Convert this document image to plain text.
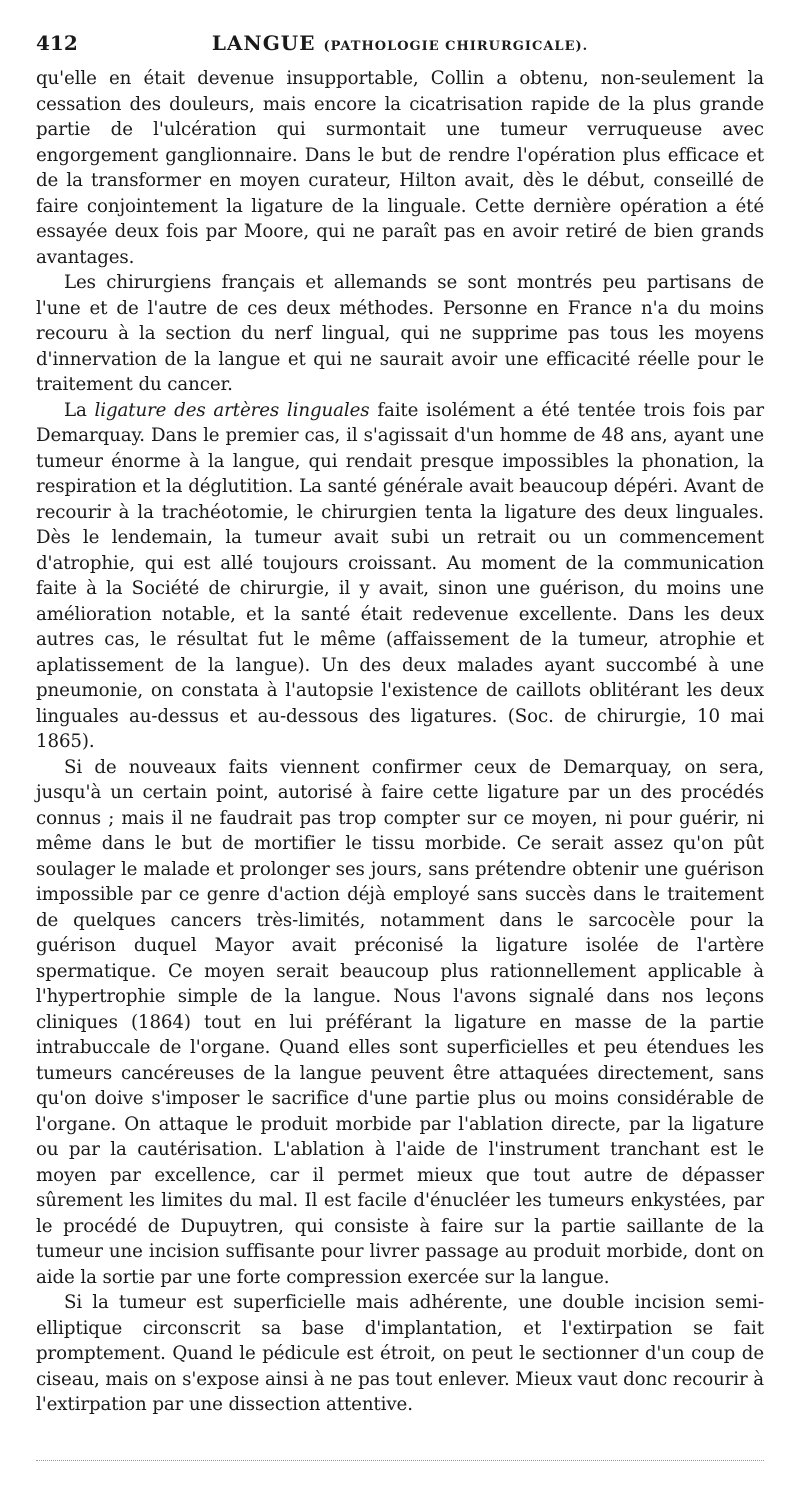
412	LANGUE (PATHOLOGIE CHIRURGICALE).

qu'elle en était devenue insupportable, Collin a obtenu, non-seulement la cessation des douleurs, mais encore la cicatrisation rapide de la plus grande partie de l'ulcération qui surmontait une tumeur verruqueuse avec engorgement ganglionnaire. Dans le but de rendre l'opération plus efficace et de la transformer en moyen curateur, Hilton avait, dès le début, conseillé de faire conjointement la ligature de la linguale. Cette dernière opération a été essayée deux fois par Moore, qui ne paraît pas en avoir retiré de bien grands avantages.

Les chirurgiens français et allemands se sont montrés peu partisans de l'une et de l'autre de ces deux méthodes. Personne en France n'a du moins recouru à la section du nerf lingual, qui ne supprime pas tous les moyens d'innervation de la langue et qui ne saurait avoir une efficacité réelle pour le traitement du cancer.

La ligature des artères linguales faite isolément a été tentée trois fois par Demarquay. Dans le premier cas, il s'agissait d'un homme de 48 ans, ayant une tumeur énorme à la langue, qui rendait presque impossibles la phonation, la respiration et la déglutition. La santé générale avait beaucoup dépéri. Avant de recourir à la trachéotomie, le chirurgien tenta la ligature des deux linguales. Dès le lendemain, la tumeur avait subi un retrait ou un commencement d'atrophie, qui est allé toujours croissant. Au moment de la communication faite à la Société de chirurgie, il y avait, sinon une guérison, du moins une amélioration notable, et la santé était redevenue excellente. Dans les deux autres cas, le résultat fut le même (affaissement de la tumeur, atrophie et aplatissement de la langue). Un des deux malades ayant succombé à une pneumonie, on constata à l'autopsie l'existence de caillots oblitérant les deux linguales au-dessus et au-dessous des ligatures. (Soc. de chirurgie, 10 mai 1865).

Si de nouveaux faits viennent confirmer ceux de Demarquay, on sera, jusqu'à un certain point, autorisé à faire cette ligature par un des procédés connus ; mais il ne faudrait pas trop compter sur ce moyen, ni pour guérir, ni même dans le but de mortifier le tissu morbide. Ce serait assez qu'on pût soulager le malade et prolonger ses jours, sans prétendre obtenir une guérison impossible par ce genre d'action déjà employé sans succès dans le traitement de quelques cancers très-limités, notamment dans le sarcocèle pour la guérison duquel Mayor avait préconisé la ligature isolée de l'artère spermatique. Ce moyen serait beaucoup plus rationnellement applicable à l'hypertrophie simple de la langue. Nous l'avons signalé dans nos leçons cliniques (1864) tout en lui préférant la ligature en masse de la partie intrabuccale de l'organe. Quand elles sont superficielles et peu étendues les tumeurs cancéreuses de la langue peuvent être attaquées directement, sans qu'on doive s'imposer le sacrifice d'une partie plus ou moins considérable de l'organe. On attaque le produit morbide par l'ablation directe, par la ligature ou par la cautérisation. L'ablation à l'aide de l'instrument tranchant est le moyen par excellence, car il permet mieux que tout autre de dépasser sûrement les limites du mal. Il est facile d'énucléer les tumeurs enkystées, par le procédé de Dupuytren, qui consiste à faire sur la partie saillante de la tumeur une incision suffisante pour livrer passage au produit morbide, dont on aide la sortie par une forte compression exercée sur la langue.

Si la tumeur est superficielle mais adhérente, une double incision semi-elliptique circonscrit sa base d'implantation, et l'extirpation se fait promptement. Quand le pédicule est étroit, on peut le sectionner d'un coup de ciseau, mais on s'expose ainsi à ne pas tout enlever. Mieux vaut donc recourir à l'extirpation par une dissection attentive.
